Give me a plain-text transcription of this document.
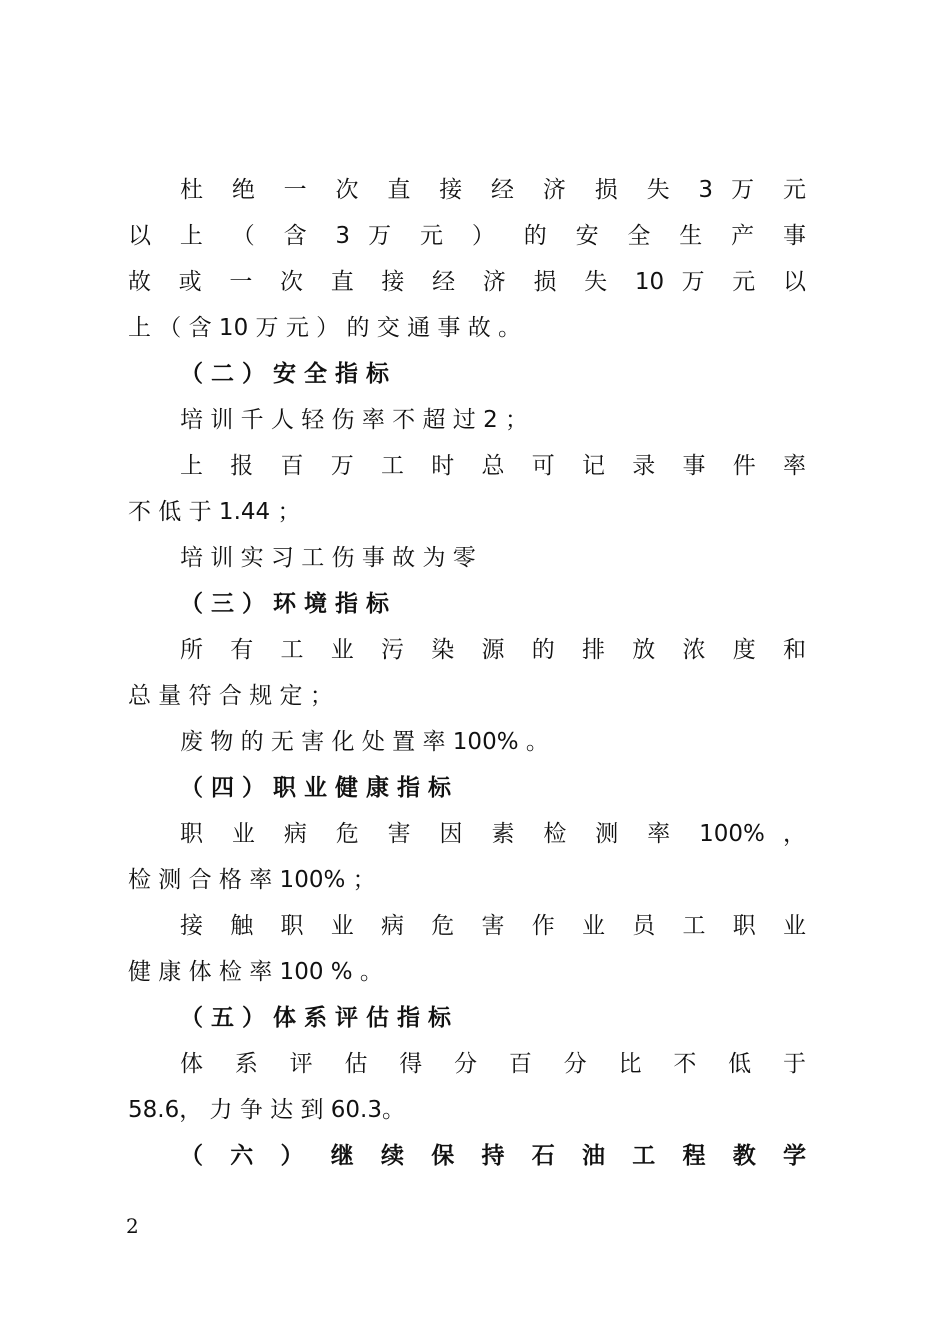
杜 绝 一 次 直 接 经 济 损 失 3 万 元
以 上 （ 含 3 万 元 ） 的 安 全 生 产 事
故 或 一 次 直 接 经 济 损 失 10 万 元 以
上 （ 含 10 万 元 ） 的 交 通 事 故 。
（ 二 ） 安 全 指 标
培 训 千 人 轻 伤 率 不 超 过 2 ；
上 报 百 万 工 时 总 可 记 录 事 件 率
不 低 于 1.44 ；
培 训 实 习 工 伤 事 故 为 零
（ 三 ） 环 境 指 标
所 有 工 业 污 染 源 的 排 放 浓 度 和
总 量 符 合 规 定 ；
废 物 的 无 害 化 处 置 率 100% 。
（ 四 ） 职 业 健 康 指 标
职 业 病 危 害 因 素 检 测 率 100% ，
检 测 合 格 率 100% ；
接 触 职 业 病 危 害 作 业 员 工 职 业
健 康 体 检 率 100 % 。
（ 五 ） 体 系 评 估 指 标
体 系 评 估 得 分 百 分 比 不 低 于
58.6， 力 争 达 到 60.3。
（ 六 ） 继 续 保 持 石 油 工 程 教 学
2
